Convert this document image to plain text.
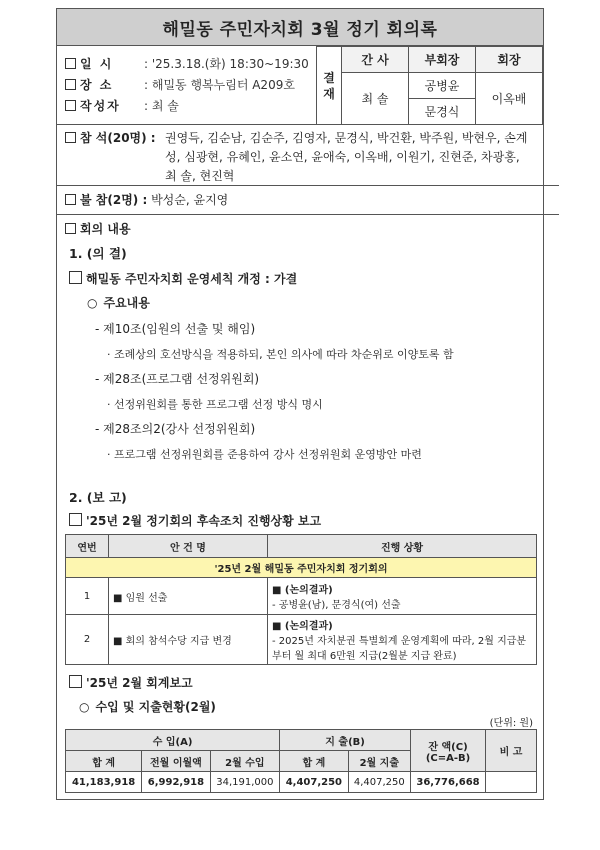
해밀동 주민자치회 3월 정기 회의록
일 시	: '25.3.18.(화) 18:30~19:30
장 소	: 해밀동 행복누림터 A209호
작성자 : 최 솔
결 재	간 사	부회장	회장
	최 솔	공병윤	이옥배
		문경식	
참 석(20명) : 권영득, 김순남, 김순주, 김영자, 문경식, 박건환, 박주원, 박현우, 손계성, 심광현, 유혜인, 윤소연, 윤애숙, 이옥배, 이원기, 진현준, 차광홍, 최 솔, 현진혁
불 참(2명) : 박성순, 윤지영
회의 내용
1. (의 결)
해밀동 주민자치회 운영세칙 개정 : 가결
○ 주요내용
- 제10조(임원의 선출 및 해임)
· 조례상의 호선방식을 적용하되, 본인 의사에 따라 차순위로 이양토록 함
- 제28조(프로그램 선정위원회)
· 선정위원회를 통한 프로그램 선정 방식 명시
- 제28조의2(강사 선정위원회)
· 프로그램 선정위원회를 준용하여 강사 선정위원회 운영방안 마련
2. (보 고)
'25년 2월 정기회의 후속조치 진행상황 보고
연번	안 건 명	진행 상황
'25년 2월 해밀동 주민자치회 정기회의		
1	■ 임원 선출	■ (논의결과)
- 공병윤(남), 문경식(여) 선출

2	■ 회의 참석수당 지급 변경	■ (논의결과)
- 2025년 자치분권 특별회계 운영계획에 따라, 2월 지급분부터 월 최대 6만원 지급(2월분 지급 완료)
'25년 2월 회계보고
○ 수입 및 지출현황(2월)
(단위: 원)
수 입(A)			지 출(B)		잔 액(C)
(C=A-B)	비 고
합 계	전월 이월액	2월 수입	합 계	2월 지출		
41,183,918	6,992,918	34,191,000	4,407,250	4,407,250	36,776,668	
